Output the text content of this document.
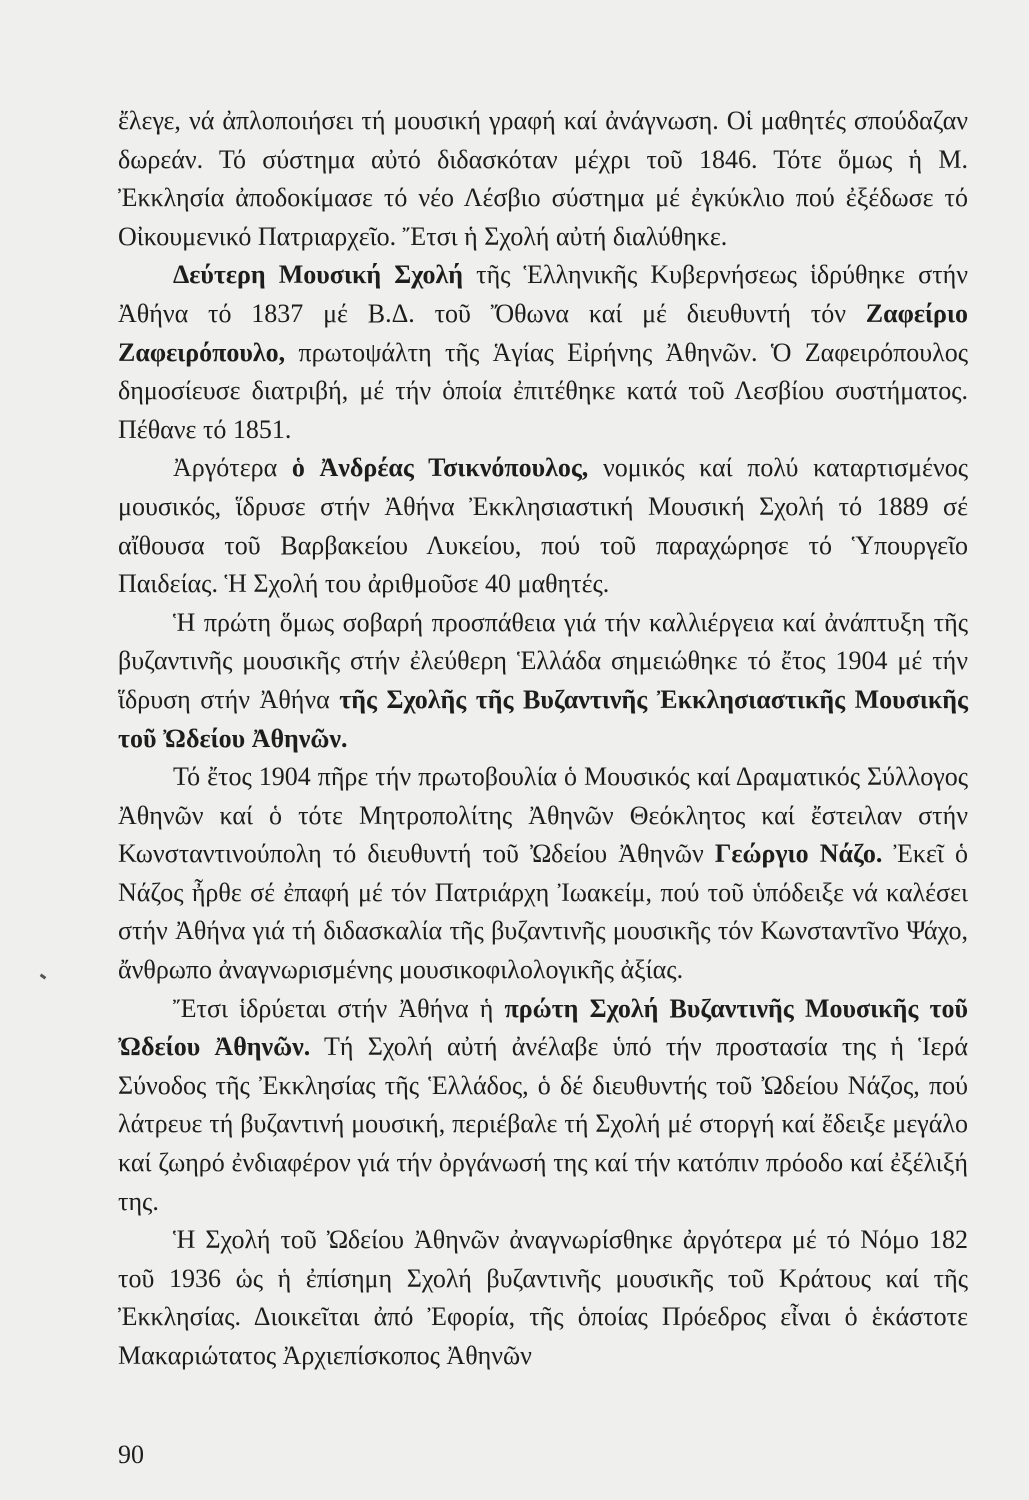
ἔλεγε, νά ἀπλοποιήσει τή μουσική γραφή καί ἀνάγνωση. Οἱ μαθητές σπούδαζαν δωρεάν. Τό σύστημα αὐτό διδασκόταν μέχρι τοῦ 1846. Τότε ὅμως ἡ Μ. Ἐκκλησία ἀποδοκίμασε τό νέο Λέσβιο σύστημα μέ ἐγκύκλιο πού ἐξέδωσε τό Οἰκουμενικό Πατριαρχεῖο. Ἔτσι ἡ Σχολή αὐτή διαλύθηκε.

Δεύτερη Μουσική Σχολή τῆς Ἑλληνικῆς Κυβερνήσεως ἱδρύθηκε στήν Ἀθήνα τό 1837 μέ Β.Δ. τοῦ Ὄθωνα καί μέ διευθυντή τόν Ζαφείριο Ζαφειρόπουλο, πρωτοψάλτη τῆς Ἁγίας Εἰρήνης Ἀθηνῶν. Ὁ Ζαφειρόπουλος δημοσίευσε διατριβή, μέ τήν ὁποία ἐπιτέθηκε κατά τοῦ Λεσβίου συστήματος. Πέθανε τό 1851.

Ἀργότερα ὁ Ἀνδρέας Τσικνόπουλος, νομικός καί πολύ καταρτισμένος μουσικός, ἵδρυσε στήν Ἀθήνα Ἐκκλησιαστική Μουσική Σχολή τό 1889 σέ αἴθουσα τοῦ Βαρβακείου Λυκείου, πού τοῦ παραχώρησε τό Ὑπουργεῖο Παιδείας. Ἡ Σχολή του ἀριθμοῦσε 40 μαθητές.

Ἡ πρώτη ὅμως σοβαρή προσπάθεια γιά τήν καλλιέργεια καί ἀνάπτυξη τῆς βυζαντινῆς μουσικῆς στήν ἐλεύθερη Ἑλλάδα σημειώθηκε τό ἔτος 1904 μέ τήν ἵδρυση στήν Ἀθήνα τῆς Σχολῆς τῆς Βυζαντινῆς Ἐκκλησιαστικῆς Μουσικῆς τοῦ Ὠδείου Ἀθηνῶν.

Τό ἔτος 1904 πῆρε τήν πρωτοβουλία ὁ Μουσικός καί Δραματικός Σύλλογος Ἀθηνῶν καί ὁ τότε Μητροπολίτης Ἀθηνῶν Θεόκλητος καί ἔστειλαν στήν Κωνσταντινούπολη τό διευθυντή τοῦ Ὠδείου Ἀθηνῶν Γεώργιο Νάζο. Ἐκεῖ ὁ Νάζος ἦρθε σέ ἐπαφή μέ τόν Πατριάρχη Ἰωακείμ, πού τοῦ ὑπόδειξε νά καλέσει στήν Ἀθήνα γιά τή διδασκαλία τῆς βυζαντινῆς μουσικῆς τόν Κωνσταντῖνο Ψάχο, ἄνθρωπο ἀναγνωρισμένης μουσικοφιλολογικῆς ἀξίας.

Ἔτσι ἱδρύεται στήν Ἀθήνα ἡ πρώτη Σχολή Βυζαντινῆς Μουσικῆς τοῦ Ὠδείου Ἀθηνῶν. Τή Σχολή αὐτή ἀνέλαβε ὑπό τήν προστασία της ἡ Ἱερά Σύνοδος τῆς Ἐκκλησίας τῆς Ἑλλάδος, ὁ δέ διευθυντής τοῦ Ὠδείου Νάζος, πού λάτρευε τή βυζαντινή μουσική, περιέβαλε τή Σχολή μέ στοργή καί ἔδειξε μεγάλο καί ζωηρό ἐνδιαφέρον γιά τήν ὀργάνωσή της καί τήν κατόπιν πρόοδο καί ἐξέλιξή της.

Ἡ Σχολή τοῦ Ὠδείου Ἀθηνῶν ἀναγνωρίσθηκε ἀργότερα μέ τό Νόμο 182 τοῦ 1936 ὡς ἡ ἐπίσημη Σχολή βυζαντινῆς μουσικῆς τοῦ Κράτους καί τῆς Ἐκκλησίας. Διοικεῖται ἀπό Ἐφορία, τῆς ὁποίας Πρόεδρος εἶναι ὁ ἑκάστοτε Μακαριώτατος Ἀρχιεπίσκοπος Ἀθηνῶν

90
